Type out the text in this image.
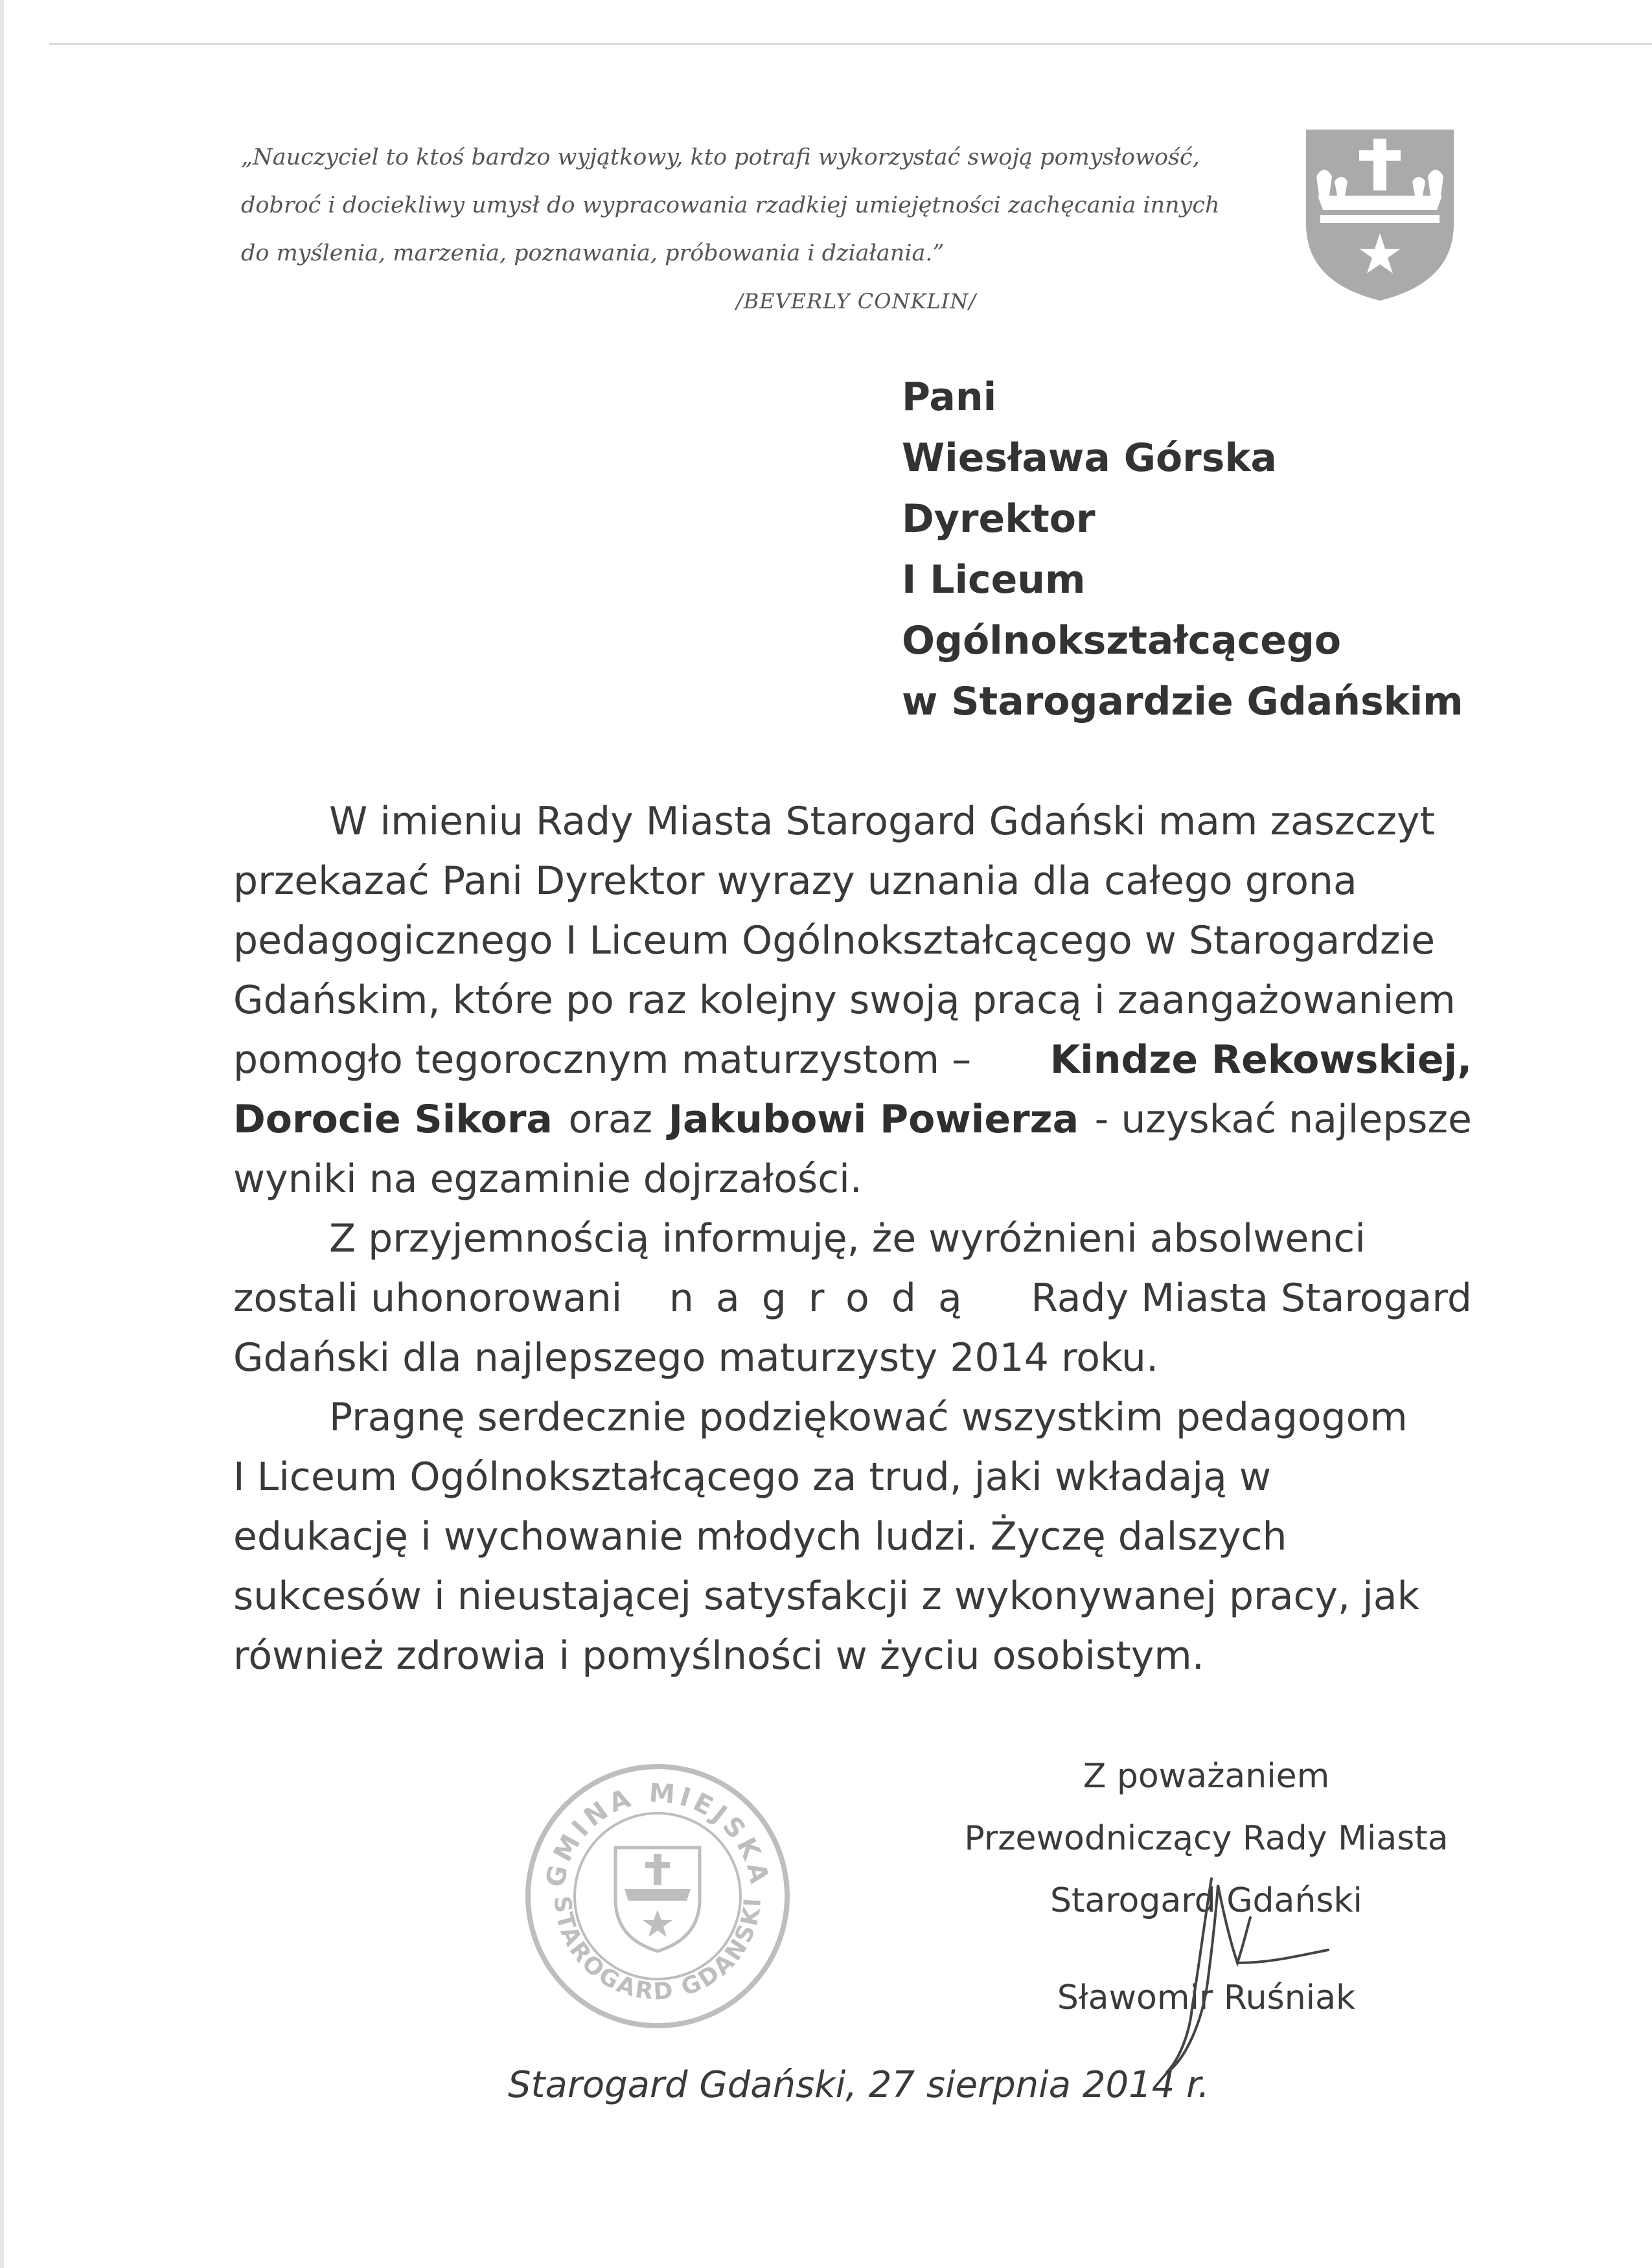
„Nauczyciel to ktoś bardzo wyjątkowy, kto potrafi wykorzystać swoją pomysłowość,
dobroć i dociekliwy umysł do wypracowania rzadkiej umiejętności zachęcania innych
do myślenia, marzenia, poznawania, próbowania i działania.”
/BEVERLY CONKLIN/
Pani
Wiesława Górska
Dyrektor
I Liceum
Ogólnokształcącego
w Starogardzie Gdańskim
W imieniu Rady Miasta Starogard Gdański mam zaszczyt
przekazać Pani Dyrektor wyrazy uznania dla całego grona
pedagogicznego I Liceum Ogólnokształcącego w Starogardzie
Gdańskim, które po raz kolejny swoją pracą i zaangażowaniem
pomogło tegorocznym maturzystom – Kindze Rekowskiej,
Dorocie Sikora oraz Jakubowi Powierza - uzyskać najlepsze
wyniki na egzaminie dojrzałości.
Z przyjemnością informuję, że wyróżnieni absolwenci
zostali uhonorowani nagrodą Rady Miasta Starogard
Gdański dla najlepszego maturzysty 2014 roku.
Pragnę serdecznie podziękować wszystkim pedagogom
I Liceum Ogólnokształcącego za trud, jaki wkładają w
edukację i wychowanie młodych ludzi. Życzę dalszych
sukcesów i nieustającej satysfakcji z wykonywanej pracy, jak
również zdrowia i pomyślności w życiu osobistym.
GMINA MIEJSKA
STAROGARD GDAŃSKI
Z poważaniem
Przewodniczący Rady Miasta
Starogard Gdański
Sławomir Ruśniak
Starogard Gdański, 27 sierpnia 2014 r.
